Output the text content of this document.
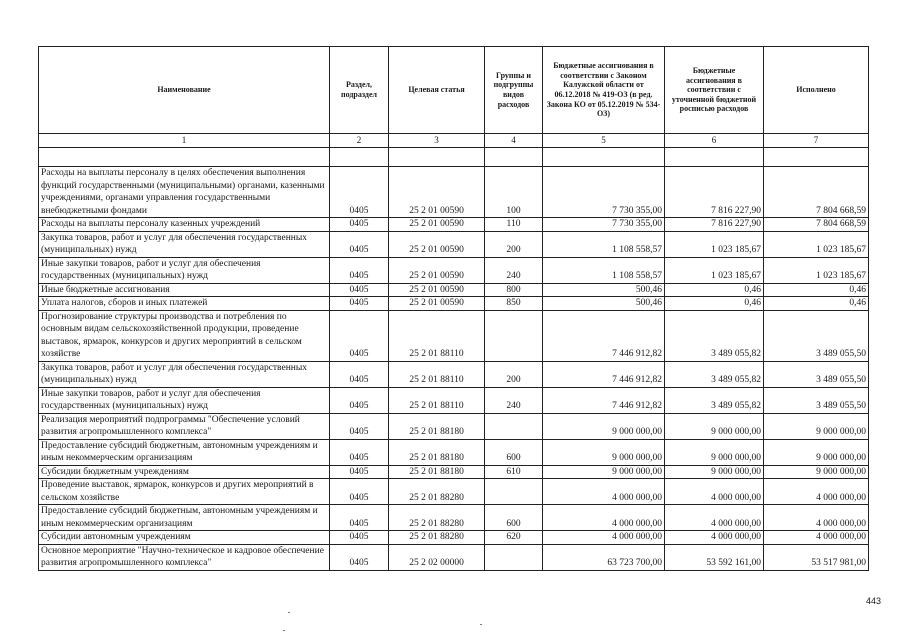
Наименование	Раздел, подраздел	Целевая статья	Группы и подгруппы видов расходов	Бюджетные ассигнования в соответствии с Законом Калужской области от 06.12.2018 № 419-ОЗ (в ред. Закона КО от 05.12.2019 № 534-ОЗ)	Бюджетные ассигнования в соответствии с уточненной бюджетной росписью расходов	Исполнено
1	2	3	4	5	6	7

Расходы на выплаты персоналу в целях обеспечения выполнения функций государственными (муниципальными) органами, казенными учреждениями, органами управления государственными внебюджетными фондами	0405	25 2 01 00590	100	7 730 355,00	7 816 227,90	7 804 668,59
Расходы на выплаты персоналу казенных учреждений	0405	25 2 01 00590	110	7 730 355,00	7 816 227,90	7 804 668,59
Закупка товаров, работ и услуг для обеспечения государственных (муниципальных) нужд	0405	25 2 01 00590	200	1 108 558,57	1 023 185,67	1 023 185,67
Иные закупки товаров, работ и услуг для обеспечения государственных (муниципальных) нужд	0405	25 2 01 00590	240	1 108 558,57	1 023 185,67	1 023 185,67
Иные бюджетные ассигнования	0405	25 2 01 00590	800	500,46	0,46	0,46
Уплата налогов, сборов и иных платежей	0405	25 2 01 00590	850	500,46	0,46	0,46
Прогнозирование структуры производства и потребления по основным видам сельскохозяйственной продукции, проведение выставок, ярмарок, конкурсов и других мероприятий в сельском хозяйстве	0405	25 2 01 88110		7 446 912,82	3 489 055,82	3 489 055,50
Закупка товаров, работ и услуг для обеспечения государственных (муниципальных) нужд	0405	25 2 01 88110	200	7 446 912,82	3 489 055,82	3 489 055,50
Иные закупки товаров, работ и услуг для обеспечения государственных (муниципальных) нужд	0405	25 2 01 88110	240	7 446 912,82	3 489 055,82	3 489 055,50
Реализация мероприятий подпрограммы "Обеспечение условий развития агропромышленного комплекса"	0405	25 2 01 88180		9 000 000,00	9 000 000,00	9 000 000,00
Предоставление субсидий бюджетным, автономным учреждениям и иным некоммерческим организациям	0405	25 2 01 88180	600	9 000 000,00	9 000 000,00	9 000 000,00
Субсидии бюджетным учреждениям	0405	25 2 01 88180	610	9 000 000,00	9 000 000,00	9 000 000,00
Проведение выставок, ярмарок, конкурсов и других мероприятий в сельском хозяйстве	0405	25 2 01 88280		4 000 000,00	4 000 000,00	4 000 000,00
Предоставление субсидий бюджетным, автономным учреждениям и иным некоммерческим организациям	0405	25 2 01 88280	600	4 000 000,00	4 000 000,00	4 000 000,00
Субсидии автономным учреждениям	0405	25 2 01 88280	620	4 000 000,00	4 000 000,00	4 000 000,00
Основное мероприятие "Научно-техническое и кадровое обеспечение развития агропромышленного комплекса"	0405	25 2 02 00000		63 723 700,00	53 592 161,00	53 517 981,00
443
